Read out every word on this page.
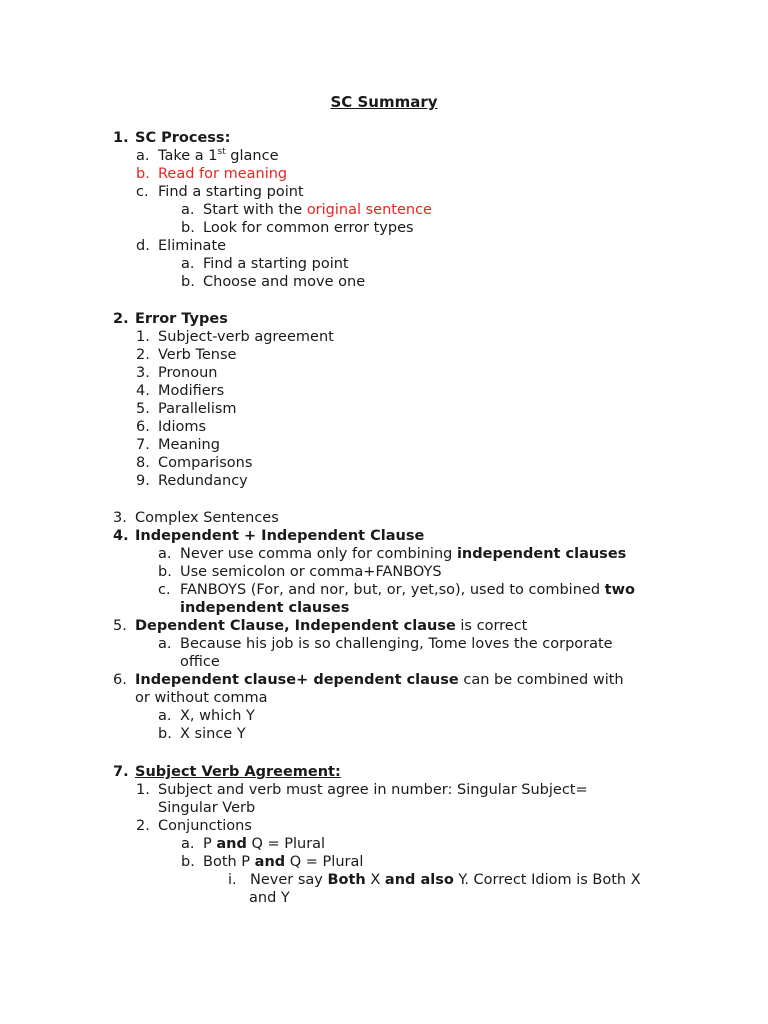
SC Summary
1. SC Process:
a. Take a 1st glance
b. Read for meaning
c. Find a starting point
a. Start with the original sentence
b. Look for common error types
d. Eliminate
a. Find a starting point
b. Choose and move one
2. Error Types
1. Subject-verb agreement
2. Verb Tense
3. Pronoun
4. Modifiers
5. Parallelism
6. Idioms
7. Meaning
8. Comparisons
9. Redundancy
3. Complex Sentences
4. Independent + Independent Clause
a. Never use comma only for combining independent clauses
b. Use semicolon or comma+FANBOYS
c. FANBOYS (For, and nor, but, or, yet,so), used to combined two
independent clauses
5. Dependent Clause, Independent clause is correct
a. Because his job is so challenging, Tome loves the corporate
office
6. Independent clause+ dependent clause can be combined with
or without comma
a. X, which Y
b. X since Y
7. Subject Verb Agreement:
1. Subject and verb must agree in number: Singular Subject=
Singular Verb
2. Conjunctions
a. P and Q = Plural
b. Both P and Q = Plural
i. Never say Both X and also Y. Correct Idiom is Both X
and Y
